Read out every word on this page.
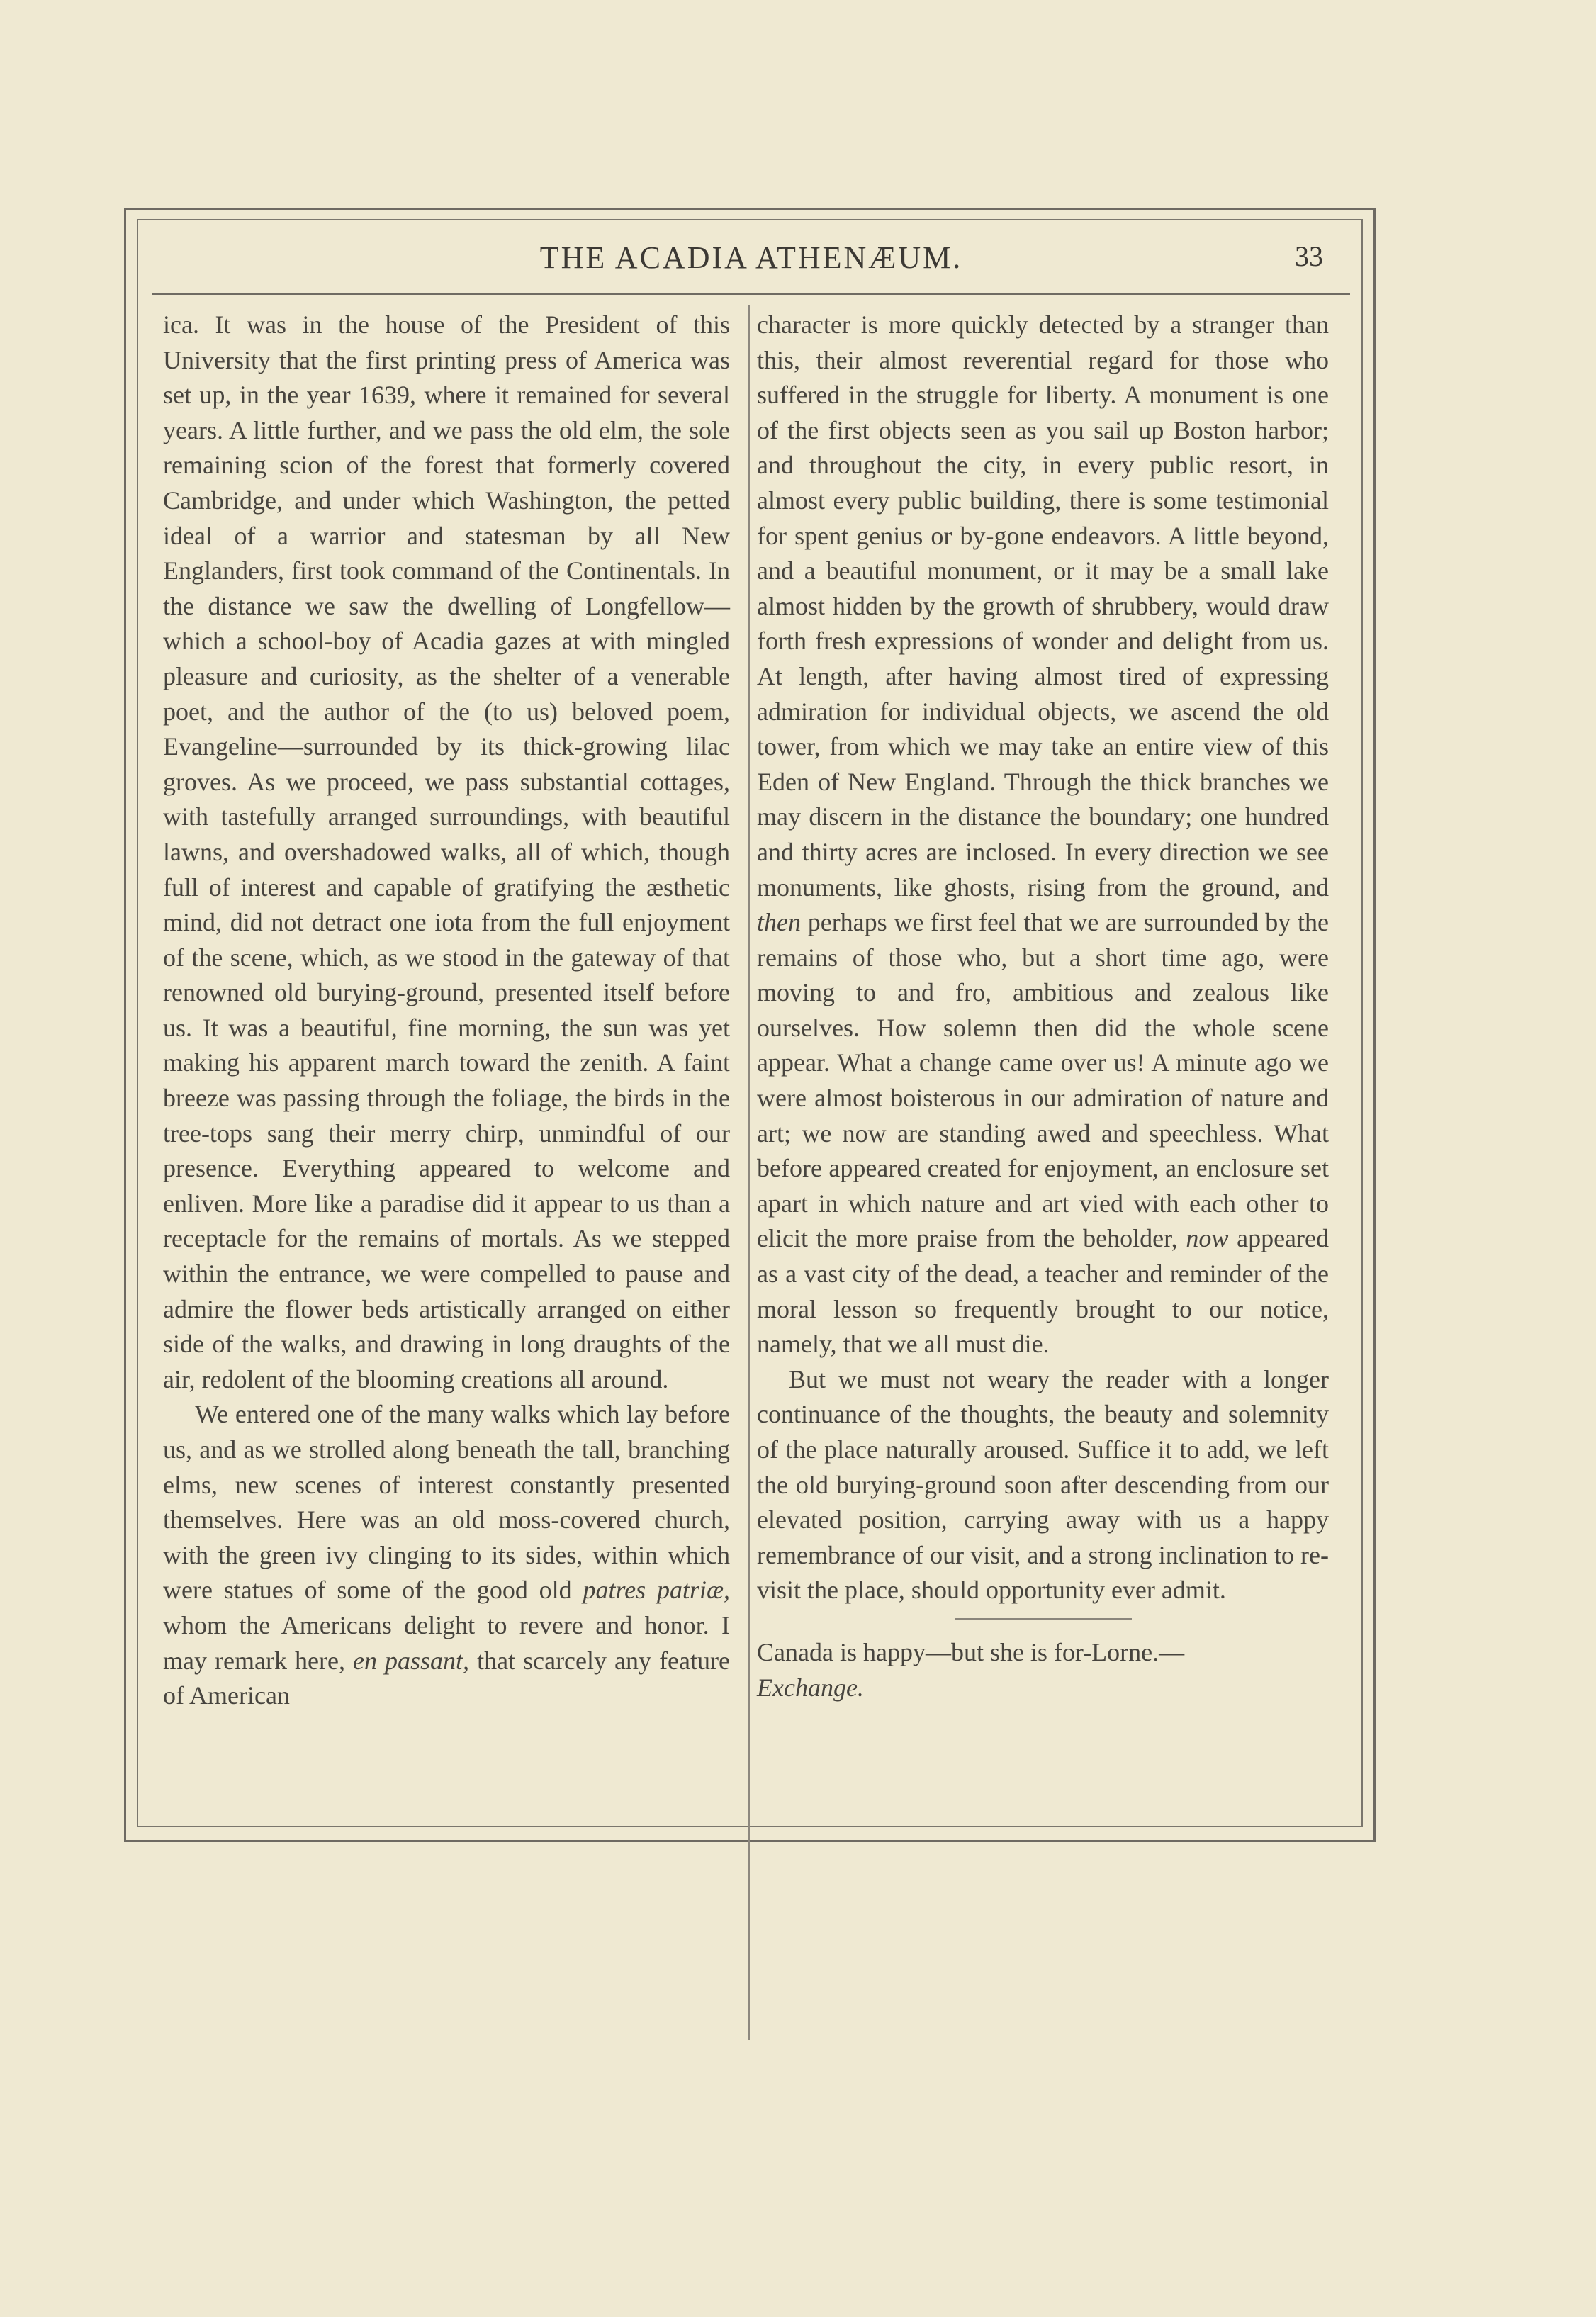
THE ACADIA ATHENÆUM.	33

ica. It was in the house of the President of this University that the first printing press of America was set up, in the year 1639, where it remained for several years. A little further, and we pass the old elm, the sole remaining scion of the forest that formerly covered Cambridge, and under which Washington, the petted ideal of a warrior and statesman by all New Englanders, first took command of the Continentals. In the distance we saw the dwelling of Longfellow—which a school-boy of Acadia gazes at with mingled pleasure and curiosity, as the shelter of a venerable poet, and the author of the (to us) beloved poem, Evangeline—surrounded by its thick-growing lilac groves. As we proceed, we pass substantial cottages, with tastefully arranged surroundings, with beautiful lawns, and overshadowed walks, all of which, though full of interest and capable of gratifying the æsthetic mind, did not detract one iota from the full enjoyment of the scene, which, as we stood in the gateway of that renowned old burying-ground, presented itself before us. It was a beautiful, fine morning, the sun was yet making his apparent march toward the zenith. A faint breeze was passing through the foliage, the birds in the tree-tops sang their merry chirp, unmindful of our presence. Everything appeared to welcome and enliven. More like a paradise did it appear to us than a receptacle for the remains of mortals. As we stepped within the entrance, we were compelled to pause and admire the flower beds artistically arranged on either side of the walks, and drawing in long draughts of the air, redolent of the blooming creations all around.

We entered one of the many walks which lay before us, and as we strolled along beneath the tall, branching elms, new scenes of interest constantly presented themselves. Here was an old moss-covered church, with the green ivy clinging to its sides, within which were statues of some of the good old patres patriæ, whom the Americans delight to revere and honor. I may remark here, en passant, that scarcely any feature of American

character is more quickly detected by a stranger than this, their almost reverential regard for those who suffered in the struggle for liberty. A monument is one of the first objects seen as you sail up Boston harbor; and throughout the city, in every public resort, in almost every public building, there is some testimonial for spent genius or by-gone endeavors. A little beyond, and a beautiful monument, or it may be a small lake almost hidden by the growth of shrubbery, would draw forth fresh expressions of wonder and delight from us. At length, after having almost tired of expressing admiration for individual objects, we ascend the old tower, from which we may take an entire view of this Eden of New England. Through the thick branches we may discern in the distance the boundary; one hundred and thirty acres are inclosed. In every direction we see monuments, like ghosts, rising from the ground, and then perhaps we first feel that we are surrounded by the remains of those who, but a short time ago, were moving to and fro, ambitious and zealous like ourselves. How solemn then did the whole scene appear. What a change came over us! A minute ago we were almost boisterous in our admiration of nature and art; we now are standing awed and speechless. What before appeared created for enjoyment, an enclosure set apart in which nature and art vied with each other to elicit the more praise from the beholder, now appeared as a vast city of the dead, a teacher and reminder of the moral lesson so frequently brought to our notice, namely, that we all must die.

But we must not weary the reader with a longer continuance of the thoughts, the beauty and solemnity of the place naturally aroused. Suffice it to add, we left the old burying-ground soon after descending from our elevated position, carrying away with us a happy remembrance of our visit, and a strong inclination to re-visit the place, should opportunity ever admit.

Canada is happy—but she is for-Lorne.—
Exchange.
